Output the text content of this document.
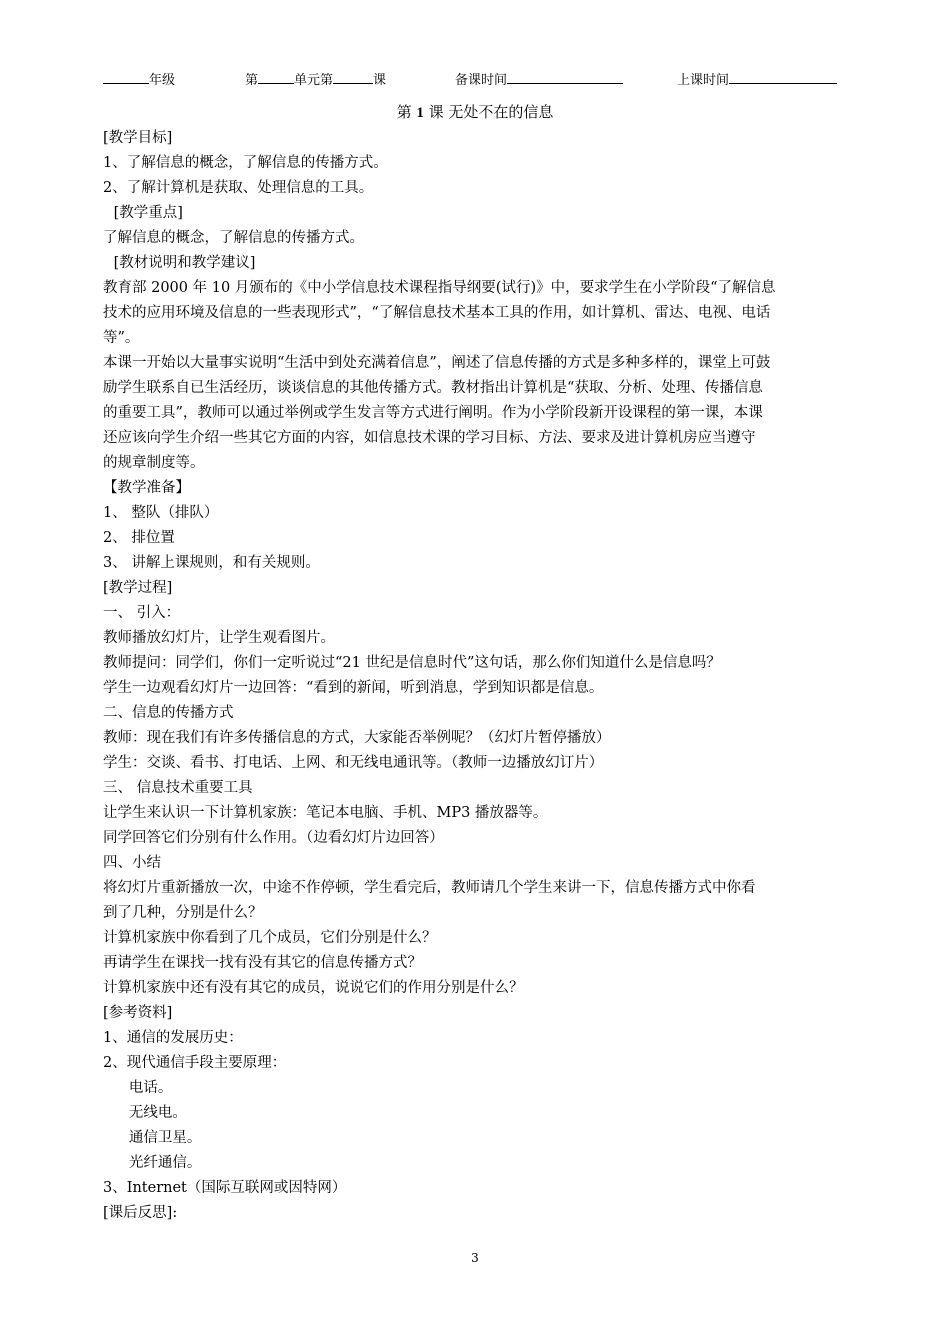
年级	第	单元第	课	备课时间	上课时间
第 1 课 无处不在的信息
[教学目标]
1、了解信息的概念，了解信息的传播方式。
2、了解计算机是获取、处理信息的工具。
[教学重点]
了解信息的概念，了解信息的传播方式。
[教材说明和教学建议]
教育部 2000 年 10 月颁布的《中小学信息技术课程指导纲要(试行)》中，要求学生在小学阶段“了解信息
技术的应用环境及信息的一些表现形式”，“了解信息技术基本工具的作用，如计算机、雷达、电视、电话
等”。
本课一开始以大量事实说明“生活中到处充满着信息”，阐述了信息传播的方式是多种多样的，课堂上可鼓
励学生联系自已生活经历，谈谈信息的其他传播方式。教材指出计算机是“获取、分析、处理、传播信息
的重要工具”，教师可以通过举例或学生发言等方式进行阐明。作为小学阶段新开设课程的第一课，本课
还应该向学生介绍一些其它方面的内容，如信息技术课的学习目标、方法、要求及进计算机房应当遵守
的规章制度等。
【教学准备】
1、 整队（排队）
2、 排位置
3、 讲解上课规则，和有关规则。
[教学过程]
一、 引入：
教师播放幻灯片，让学生观看图片。
教师提问：同学们，你们一定听说过“21 世纪是信息时代”这句话，那么你们知道什么是信息吗？
学生一边观看幻灯片一边回答：“看到的新闻，听到消息，学到知识都是信息。
二、信息的传播方式
教师：现在我们有许多传播信息的方式，大家能否举例呢？（幻灯片暂停播放）
学生：交谈、看书、打电话、上网、和无线电通讯等。（教师一边播放幻订片）
三、 信息技术重要工具
让学生来认识一下计算机家族：笔记本电脑、手机、MP3 播放器等。
同学回答它们分别有什么作用。（边看幻灯片边回答）
四、小结
将幻灯片重新播放一次，中途不作停顿，学生看完后，教师请几个学生来讲一下，信息传播方式中你看
到了几种，分别是什么？
计算机家族中你看到了几个成员，它们分别是什么？
再请学生在课找一找有没有其它的信息传播方式？
计算机家族中还有没有其它的成员，说说它们的作用分别是什么？
[参考资料]
1、通信的发展历史：
2、现代通信手段主要原理：
电话。
无线电。
通信卫星。
光纤通信。
3、Internet（国际互联网或因特网）
[课后反思]:
3
